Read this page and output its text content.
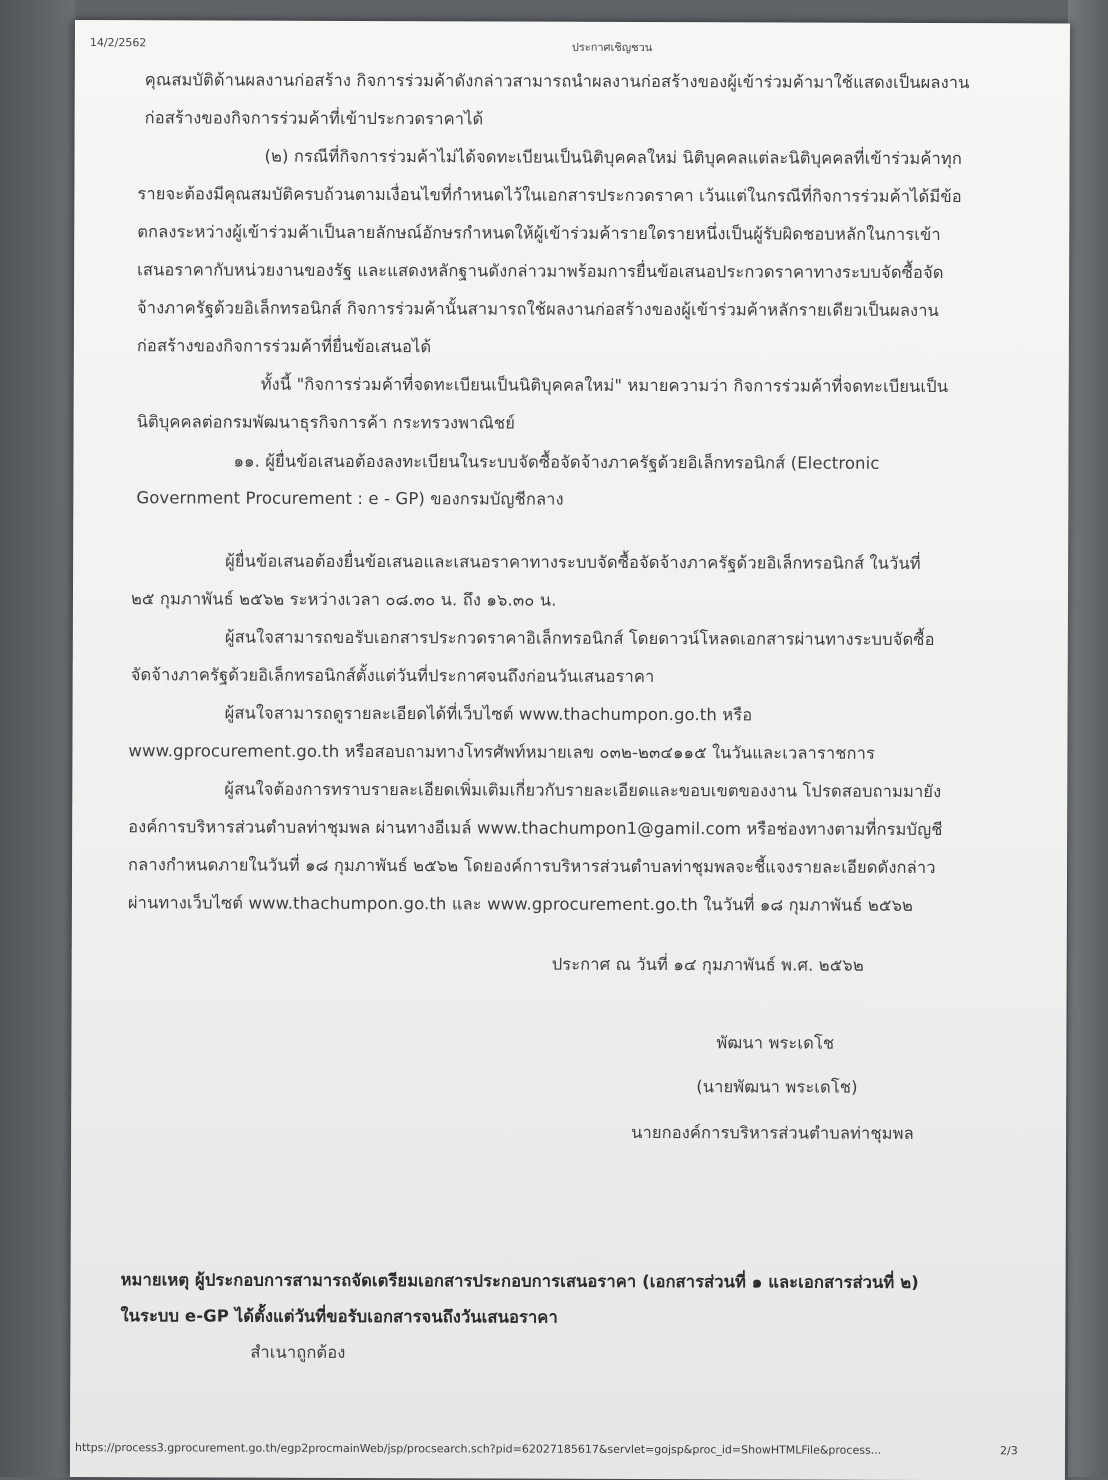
14/2/2562	ประกาศเชิญชวน
คุณสมบัติด้านผลงานก่อสร้าง กิจการร่วมค้าดังกล่าวสามารถนำผลงานก่อสร้างของผู้เข้าร่วมค้ามาใช้แสดงเป็นผลงาน
ก่อสร้างของกิจการร่วมค้าที่เข้าประกวดราคาได้
(๒) กรณีที่กิจการร่วมค้าไม่ได้จดทะเบียนเป็นนิติบุคคลใหม่ นิติบุคคลแต่ละนิติบุคคลที่เข้าร่วมค้าทุก
รายจะต้องมีคุณสมบัติครบถ้วนตามเงื่อนไขที่กำหนดไว้ในเอกสารประกวดราคา เว้นแต่ในกรณีที่กิจการร่วมค้าได้มีข้อ
ตกลงระหว่างผู้เข้าร่วมค้าเป็นลายลักษณ์อักษรกำหนดให้ผู้เข้าร่วมค้ารายใดรายหนึ่งเป็นผู้รับผิดชอบหลักในการเข้า
เสนอราคากับหน่วยงานของรัฐ และแสดงหลักฐานดังกล่าวมาพร้อมการยื่นข้อเสนอประกวดราคาทางระบบจัดซื้อจัด
จ้างภาครัฐด้วยอิเล็กทรอนิกส์ กิจการร่วมค้านั้นสามารถใช้ผลงานก่อสร้างของผู้เข้าร่วมค้าหลักรายเดียวเป็นผลงาน
ก่อสร้างของกิจการร่วมค้าที่ยื่นข้อเสนอได้
ทั้งนี้ "กิจการร่วมค้าที่จดทะเบียนเป็นนิติบุคคลใหม่" หมายความว่า กิจการร่วมค้าที่จดทะเบียนเป็น
นิติบุคคลต่อกรมพัฒนาธุรกิจการค้า กระทรวงพาณิชย์
๑๑. ผู้ยื่นข้อเสนอต้องลงทะเบียนในระบบจัดซื้อจัดจ้างภาครัฐด้วยอิเล็กทรอนิกส์ (Electronic
Government Procurement : e - GP) ของกรมบัญชีกลาง
ผู้ยื่นข้อเสนอต้องยื่นข้อเสนอและเสนอราคาทางระบบจัดซื้อจัดจ้างภาครัฐด้วยอิเล็กทรอนิกส์ ในวันที่
๒๕ กุมภาพันธ์ ๒๕๖๒ ระหว่างเวลา ๐๘.๓๐ น. ถึง ๑๖.๓๐ น.
ผู้สนใจสามารถขอรับเอกสารประกวดราคาอิเล็กทรอนิกส์ โดยดาวน์โหลดเอกสารผ่านทางระบบจัดซื้อ
จัดจ้างภาครัฐด้วยอิเล็กทรอนิกส์ตั้งแต่วันที่ประกาศจนถึงก่อนวันเสนอราคา
ผู้สนใจสามารถดูรายละเอียดได้ที่เว็บไซต์ www.thachumpon.go.th หรือ
www.gprocurement.go.th หรือสอบถามทางโทรศัพท์หมายเลข ๐๓๒-๒๓๔๑๑๕ ในวันและเวลาราชการ
ผู้สนใจต้องการทราบรายละเอียดเพิ่มเติมเกี่ยวกับรายละเอียดและขอบเขตของงาน โปรดสอบถามมายัง
องค์การบริหารส่วนตำบลท่าชุมพล ผ่านทางอีเมล์ www.thachumpon1@gamil.com หรือช่องทางตามที่กรมบัญชี
กลางกำหนดภายในวันที่ ๑๘ กุมภาพันธ์ ๒๕๖๒ โดยองค์การบริหารส่วนตำบลท่าชุมพลจะชี้แจงรายละเอียดดังกล่าว
ผ่านทางเว็บไซต์ www.thachumpon.go.th และ www.gprocurement.go.th ในวันที่ ๑๘ กุมภาพันธ์ ๒๕๖๒
ประกาศ ณ วันที่ ๑๔ กุมภาพันธ์ พ.ศ. ๒๕๖๒
พัฒนา พระเดโช
(นายพัฒนา พระเดโช)
นายกองค์การบริหารส่วนตำบลท่าชุมพล
หมายเหตุ ผู้ประกอบการสามารถจัดเตรียมเอกสารประกอบการเสนอราคา (เอกสารส่วนที่ ๑ และเอกสารส่วนที่ ๒)
ในระบบ e-GP ได้ตั้งแต่วันที่ขอรับเอกสารจนถึงวันเสนอราคา
สำเนาถูกต้อง
https://process3.gprocurement.go.th/egp2procmainWeb/jsp/procsearch.sch?pid=62027185617&servlet=gojsp&proc_id=ShowHTMLFile&process...	2/3
